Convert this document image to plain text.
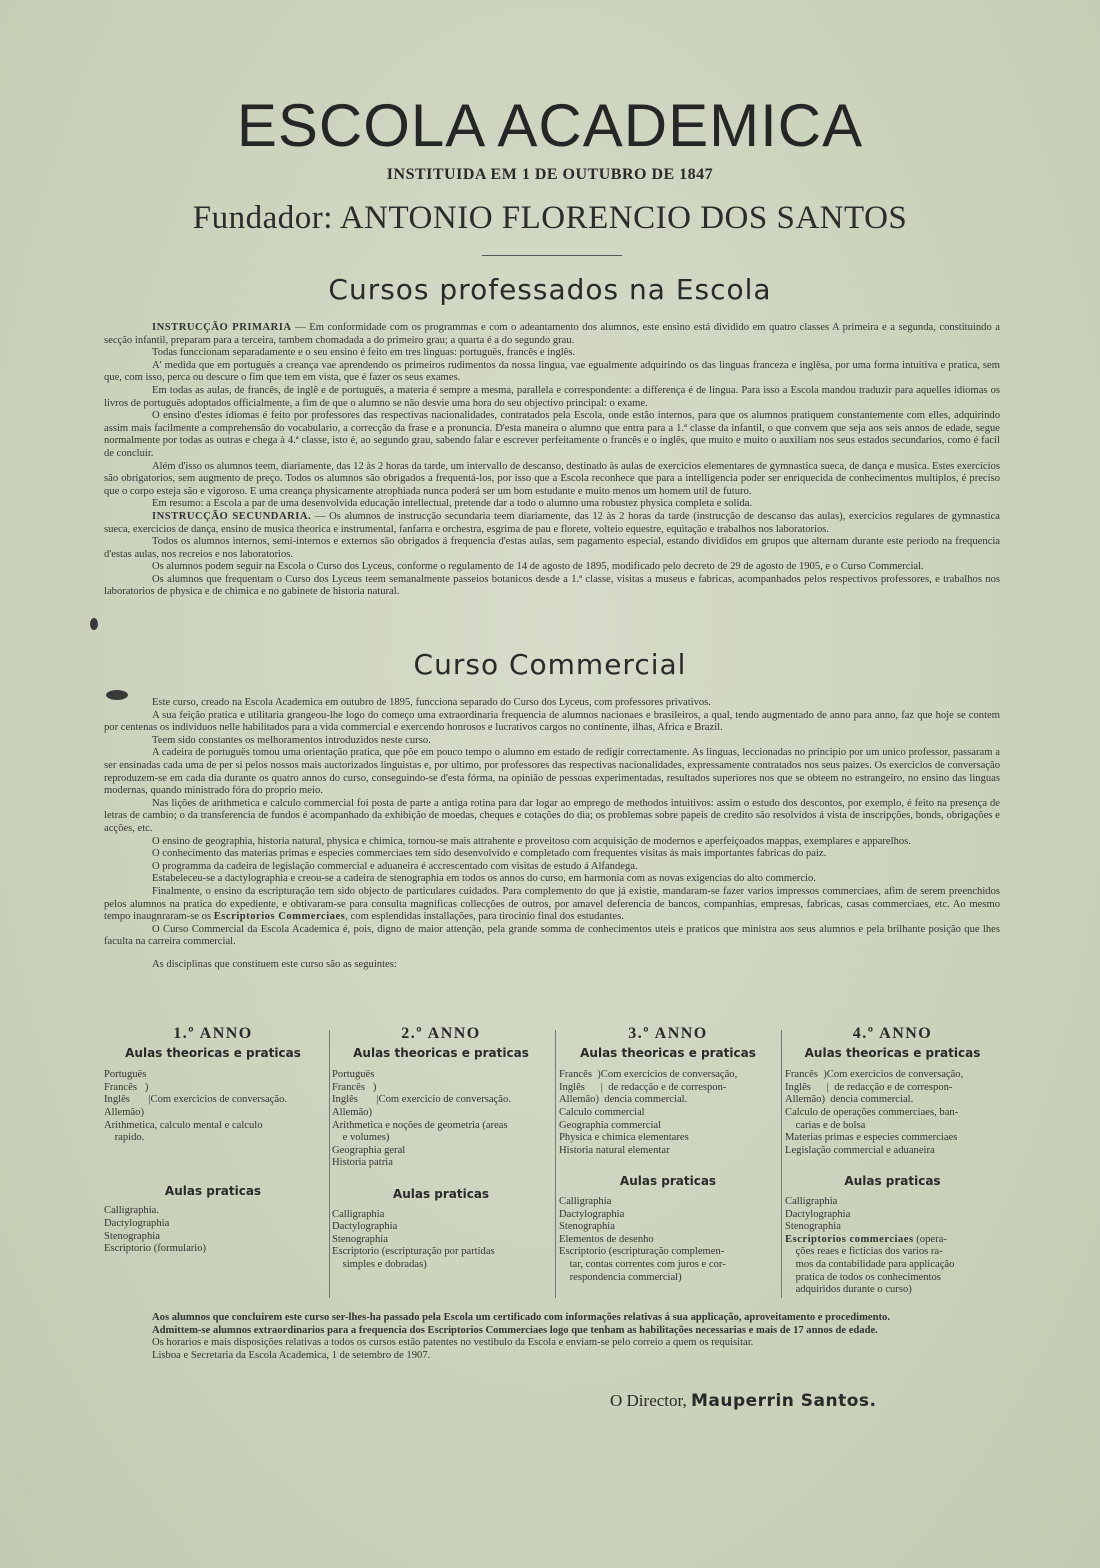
ESCOLA ACADEMICA
INSTITUIDA EM 1 DE OUTUBRO DE 1847
Fundador: ANTONIO FLORENCIO DOS SANTOS
Cursos professados na Escola

INSTRUCÇÃO PRIMARIA — Em conformidade com os programmas e com o adeantamento dos alumnos, este ensino está dividido em quatro classes A primeira e a segunda, constituindo a secção infantil, preparam para a terceira, tambem chomadada a do primeiro grau; a quarta é a do segundo grau.

Todas funccionam separadamente e o seu ensino é feito em tres linguas: portuguës, francês e inglês.

A' medida que em portuguës a creança vae aprendendo os primeiros rudimentos da nossa lingua, vae egualmente adquirindo os das linguas franceza e inglêsa, por uma forma intuitiva e pratica, sem que, com isso, perca ou descure o fim que tem em vista, que é fazer os seus exames.

Em todas as aulas, de francês, de inglê e de portuguës, a materia é sempre a mesma, parallela e correspondente: a differença é de lingua. Para isso a Escola mandou traduzir para aquelles idiomas os livros de portuguës adoptados officialmente, a fim de que o alumno se não desvie uma hora do seu objectivo principal: o exame.

O ensino d'estes idiomas é feito por professores das respectivas nacionalidades, contratados pela Escola, onde estão internos, para que os alumnos pratiquem constantemente com elles, adquirindo assim mais facilmente a comprehensão do vocabulario, a correcção da frase e a pronuncia. D'esta maneira o alumno que entra para a 1.ª classe da infantil, o que convem que seja aos seis annos de edade, segue normalmente por todas as outras e chega à 4.ª classe, isto é, ao segundo grau, sabendo falar e escrever perfeitamente o francês e o inglês, que muito e muito o auxiliam nos seus estados secundarios, como é facil de concluir.

Além d'isso os alumnos teem, diariamente, das 12 às 2 horas da tarde, um intervallo de descanso, destinado às aulas de exercicios elementares de gymnastica sueca, de dança e musica. Estes exercicios são obrigatorios, sem augmento de preço. Todos os alumnos são obrigados a frequentá-los, por isso que a Escola reconhece que para a intelligencia poder ser enriquecida de conhecimentos multiplos, é preciso que o corpo esteja são e vigoroso. E uma creança physicamente atrophiada nunca poderá ser um bom estudante e muito menos um homem util de futuro.

Em resumo: a Escola a par de uma desenvolvida educação intellectual, pretende dar a todo o alumno uma robustez physica completa e solida.

INSTRUCÇÃO SECUNDARIA. — Os alumnos de instrucção secundaria teem diariamente, das 12 às 2 horas da tarde (instrucção de descanso das aulas), exercicios regulares de gymnastica sueca, exercicios de dança, ensino de musica theorica e instrumental, fanfarra e orchestra, esgrima de pau e florete, volteio equestre, equitação e trabalhos nos laboratorios.

Todos os alumnos internos, semi-internos e externos são obrigados á frequencia d'estas aulas, sem pagamento especial, estando divididos em grupos que alternam durante este periodo na frequencia d'estas aulas, nos recreios e nos laboratorios.

Os alumnos podem seguir na Escola o Curso dos Lyceus, conforme o regulamento de 14 de agosto de 1895, modificado pelo decreto de 29 de agosto de 1905, e o Curso Commercial.

Os alumnos que frequentam o Curso dos Lyceus teem semanalmente passeios botanicos desde a 1.ª classe, visitas a museus e fabricas, acompanhados pelos respectivos professores, e trabalhos nos laboratorios de physica e de chimica e no gabinete de historia natural.

Curso Commercial

Este curso, creado na Escola Academica em outubro de 1895, funcciona separado do Curso dos Lyceus, com professores privativos.

A sua feição pratica e utilitaria grangeou-lhe logo do começo uma extraordinaria frequencia de alumnos nacionaes e brasileiros, a qual, tendo augmentado de anno para anno, faz que hoje se contem por centenas os individuos nelle habilitados para a vida commercial e exercendo honrosos e lucrativos cargos no continente, ilhas, Africa e Brazil.

Teem sido constantes os melhoramentos introduzidos neste curso.

A cadeira de portuguës tomou uma orientação pratica, que põe em pouco tempo o alumno em estado de redigir correctamente. As linguas, leccionadas no principio por um unico professor, passaram a ser ensinadas cada uma de per si pelos nossos mais auctorizados linguistas e, por ultimo, por professores das respectivas nacionalidades, expressamente contratados nos seus paizes. Os exercicios de conversação reproduzem-se em cada dia durante os quatro annos do curso, conseguindo-se d'esta fórma, na opinião de pessoas experimentadas, resultados superiores nos que se obteem no estrangeiro, no ensino das linguas modernas, quando ministrado fóra do proprio meio.

Nas lições de arithmetica e calculo commercial foi posta de parte a antiga rotina para dar logar ao emprego de methodos intuitivos: assim o estudo dos descontos, por exemplo, é feito na presença de letras de cambio; o da transferencia de fundos é acompanhado da exhibição de moedas, cheques e cotações do dia; os problemas sobre papeis de credito são resolvidos á vista de inscripções, bonds, obrigações e acções, etc.

O ensino de geographia, historia natural, physica e chimica, tornou-se mais attrahente e proveitoso com acquisição de modernos e aperfeiçoados mappas, exemplares e apparelhos.

O conhecimento das materias primas e especies commerciaes tem sido desenvolvido e completado com frequentes visitas ás mais importantes fabricas do paiz.

O programma da cadeira de legislação commercial e aduaneira é accrescentado com visitas de estudo á Alfandega.

Estabeleceu-se a dactylographia e creou-se a cadeira de stenographia em todos os annos do curso, em harmonia com as novas exigencias do alto commercio.

Finalmente, o ensino da escripturação tem sido objecto de particulares cuidados. Para complemento do que já existie, mandaram-se fazer varios impressos commerciaes, afim de serem preenchidos pelos alumnos na pratica do expediente, e obtivaram-se para consulta magnificas collecções de outros, por amavel deferencia de bancos, companhias, empresas, fabricas, casas commerciaes, etc. Ao mesmo tempo inaugnraram-se os Escriptorios Commerciaes, com esplendidas installações, para tirocinio final dos estudantes.

O Curso Commercial da Escola Academica é, pois, digno de maior attenção, pela grande somma de conhecimentos uteis e praticos que ministra aos seus alumnos e pela brilhante posição que lhes faculta na carreira commercial.

As disciplinas que constituem este curso são as seguintes:

1.º ANNO
Aulas theoricas e praticas
Portuguës
Francês   )
Inglês       |Com exercicios de conversação.
Allemão)
Arithmetica, calculo mental e calculo
rapido.
Aulas praticas
Calligraphia.
Dactylographia
Stenographia
Escriptorio (formulario)
2.º ANNO
Aulas theoricas e praticas
Portuguës
Francês   )
Inglês       |Com exercicio de conversação.
Allemão)
Arithmetica e noções de geometria (areas
e volumes)
Geographia geral
Historia patria
Aulas praticas
Calligraphia
Dactylographia
Stenographia
Escriptorio (escripturação por partidas
simples e dobradas)
3.º ANNO
Aulas theoricas e praticas
Francês  )Com exercicios de conversação,
Inglês      |  de redacção e de correspon-
Allemão)  dencia commercial.
Calculo commercial
Geographia commercial
Physica e chimica elementares
Historia natural elementar
Aulas praticas
Calligraphia
Dactylographia
Stenographia
Elementos de desenho
Escriptorio (escripturação complemen-
tar, contas correntes com juros e cor-
respondencia commercial)
4.º ANNO
Aulas theoricas e praticas
Francês  )Com exercicios de conversação,
Inglês      |  de redacção e de correspon-
Allemão)  dencia commercial.
Calculo de operações commerciaes, ban-
carias e de bolsa
Materias primas e especies commerciaes
Legislação commercial e aduaneira
Aulas praticas
Calligraphia
Dactylographia
Stenographia
Escriptorios commerciaes (opera-
ções reaes e ficticias dos varios ra-
mos da contabilidade para applicação
pratica de todos os conhecimentos
adquiridos durante o curso)

Aos alumnos que concluirem este curso ser-lhes-ha passado pela Escola um certificado com informações relativas á sua applicação, aproveitamento e procedimento.

Admittem-se alumnos extraordinarios para a frequencia dos Escriptorios Commerciaes logo que tenham as habilitações necessarias e mais de 17 annos de edade.

Os horarios e mais disposições relativas a todos os cursos estão patentes no vestibulo da Escola e enviam-se pelo correio a quem os requisitar.

Lisboa e Secretaria da Escola Academica, 1 de setembro de 1907.

O Director, Mauperrin Santos.
